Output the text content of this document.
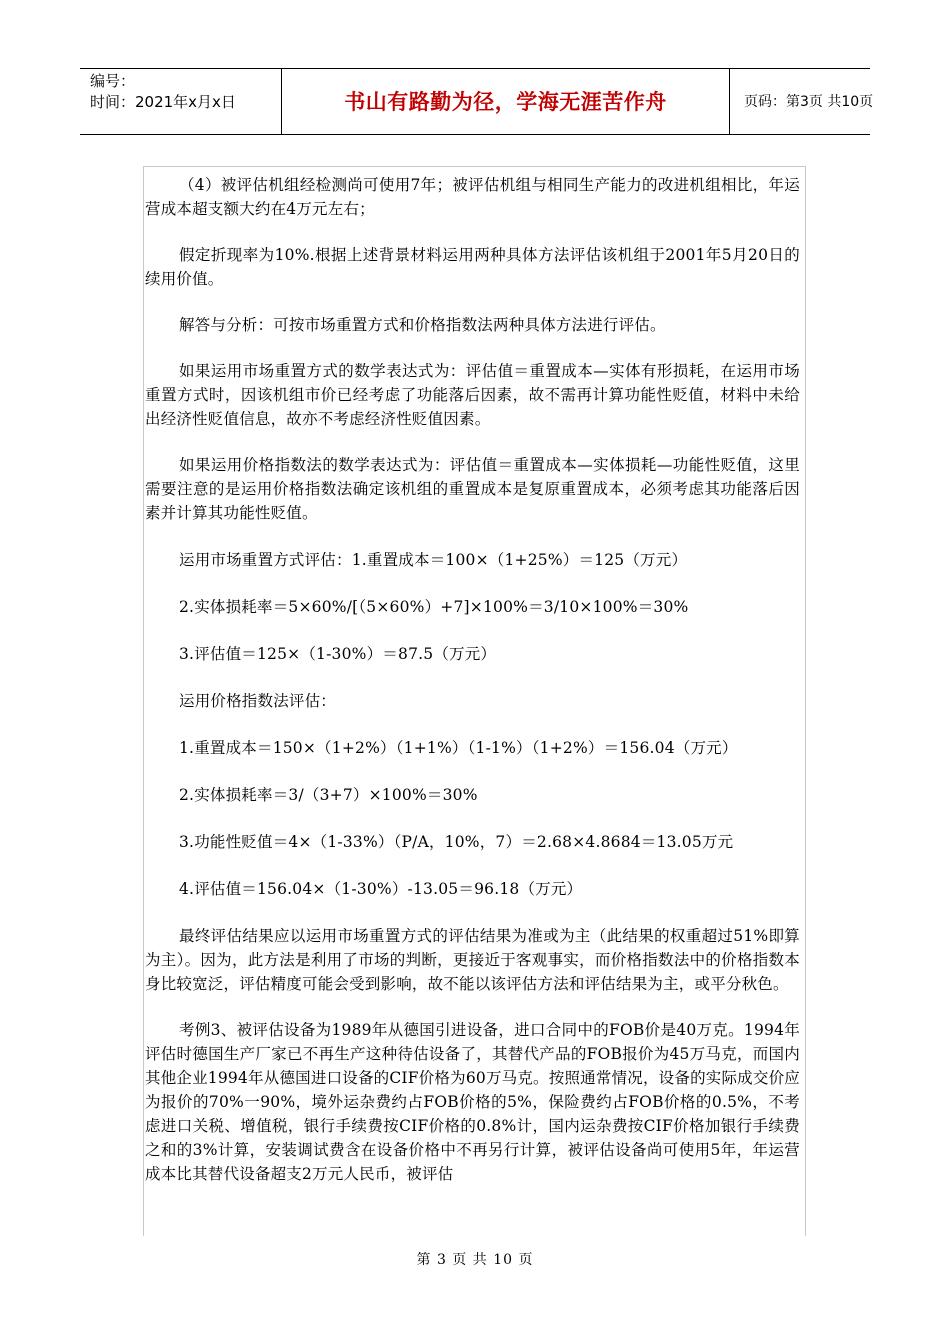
编号：
时间：2021年x月x日	书山有路勤为径，学海无涯苦作舟	页码：第3页 共10页

（4）被评估机组经检测尚可使用7年；被评估机组与相同生产能力的改进机组相比，年运营成本超支额大约在4万元左右；

假定折现率为10%.根据上述背景材料运用两种具体方法评估该机组于2001年5月20日的续用价值。

解答与分析：可按市场重置方式和价格指数法两种具体方法进行评估。

如果运用市场重置方式的数学表达式为：评估值＝重置成本—实体有形损耗，在运用市场重置方式时，因该机组市价已经考虑了功能落后因素，故不需再计算功能性贬值，材料中未给出经济性贬值信息，故亦不考虑经济性贬值因素。

如果运用价格指数法的数学表达式为：评估值＝重置成本—实体损耗—功能性贬值，这里需要注意的是运用价格指数法确定该机组的重置成本是复原重置成本，必须考虑其功能落后因素并计算其功能性贬值。

运用市场重置方式评估：1.重置成本＝100×（1+25%）＝125（万元）

2.实体损耗率＝5×60%/[（5×60%）+7]×100%＝3/10×100%＝30%

3.评估值＝125×（1-30%）＝87.5（万元）

运用价格指数法评估：

1.重置成本＝150×（1+2%）（1+1%）（1-1%）（1+2%）＝156.04（万元）

2.实体损耗率＝3/（3+7）×100%＝30%

3.功能性贬值＝4×（1-33%）（P/A，10%，7）＝2.68×4.8684＝13.05万元

4.评估值＝156.04×（1-30%）-13.05＝96.18（万元）

最终评估结果应以运用市场重置方式的评估结果为准或为主（此结果的权重超过51%即算为主）。因为，此方法是利用了市场的判断，更接近于客观事实，而价格指数法中的价格指数本身比较宽泛，评估精度可能会受到影响，故不能以该评估方法和评估结果为主，或平分秋色。

考例3、被评估设备为1989年从德国引进设备，进口合同中的FOB价是40万克。1994年评估时德国生产厂家已不再生产这种待估设备了，其替代产品的FOB报价为45万马克，而国内其他企业1994年从德国进口设备的CIF价格为60万马克。按照通常情况，设备的实际成交价应为报价的70%一90%，境外运杂费约占FOB价格的5%，保险费约占FOB价格的0.5%，不考虑进口关税、增值税，银行手续费按CIF价格的0.8%计，国内运杂费按CIF价格加银行手续费之和的3%计算，安装调试费含在设备价格中不再另行计算，被评估设备尚可使用5年，年运营成本比其替代设备超支2万元人民币，被评估

第 3 页 共 10 页
